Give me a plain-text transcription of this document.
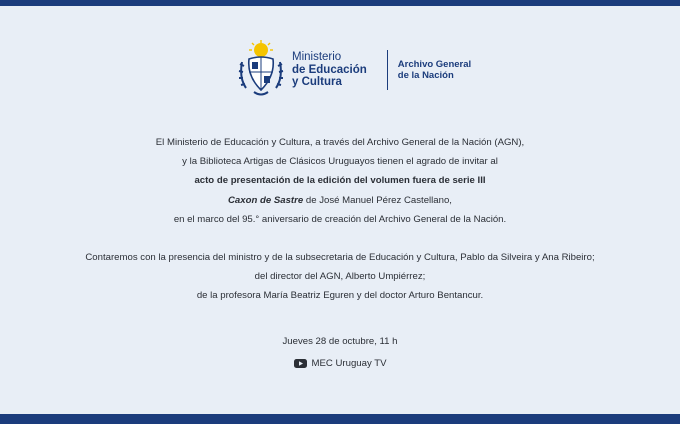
Ministerio
de Educación
y Cultura
Archivo General
de la Nación

El Ministerio de Educación y Cultura, a través del Archivo General de la Nación (AGN),

y la Biblioteca Artigas de Clásicos Uruguayos tienen el agrado de invitar al

acto de presentación de la edición del volumen fuera de serie III

Caxon de Sastre de José Manuel Pérez Castellano,

en el marco del 95.° aniversario de creación del Archivo General de la Nación.

Contaremos con la presencia del ministro y de la subsecretaria de Educación y Cultura, Pablo da Silveira y Ana Ribeiro;

del director del AGN, Alberto Umpiérrez;

de la profesora María Beatriz Eguren y del doctor Arturo Bentancur.

Jueves 28 de octubre, 11 h
MEC Uruguay TV
